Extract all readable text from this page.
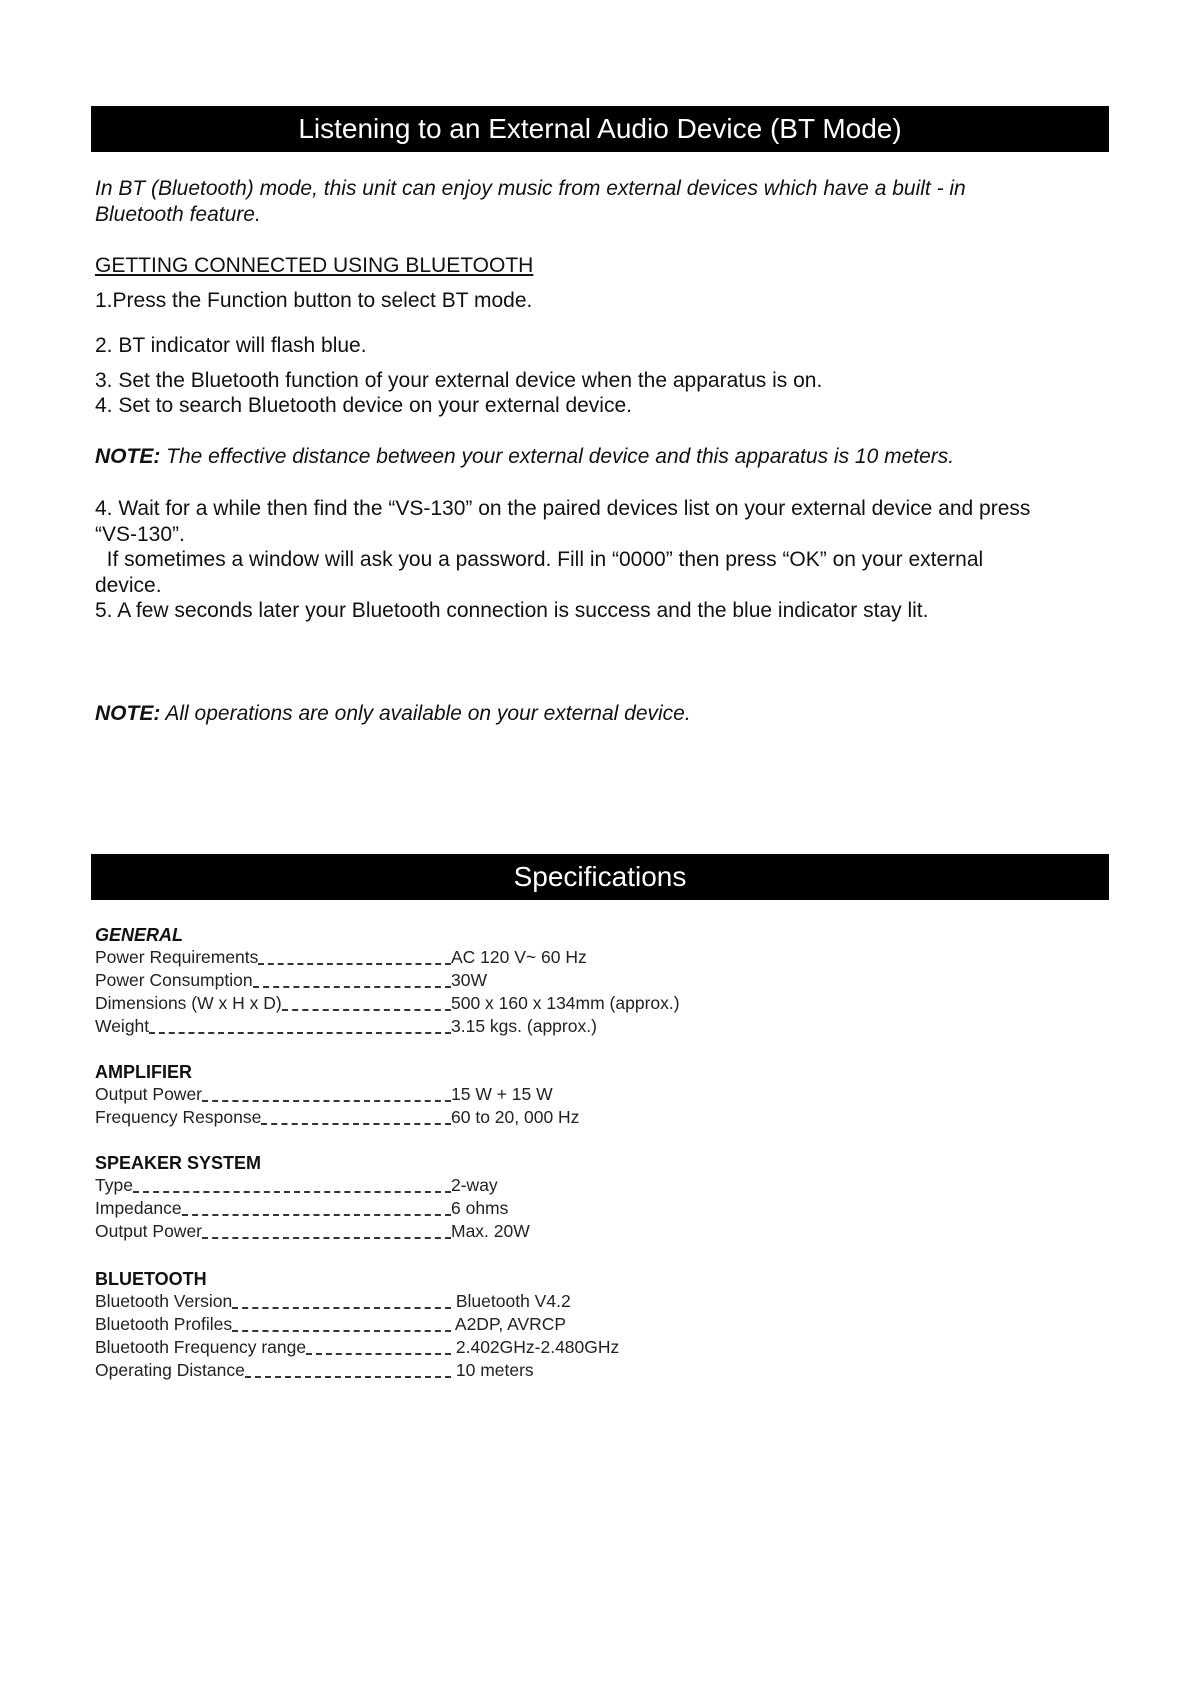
Listening to an External Audio Device (BT Mode)
In BT (Bluetooth) mode, this unit can enjoy music from external devices which have a built - in
Bluetooth feature.
GETTING CONNECTED USING BLUETOOTH
1.Press the Function button to select BT mode.
2. BT indicator will flash blue.
3. Set the Bluetooth function of your external device when the apparatus is on.
4. Set to search Bluetooth device on your external device.
NOTE: The effective distance between your external device and this apparatus is 10 meters.
4. Wait for a while then find the “VS-130” on the paired devices list on your external device and press
“VS-130”.
If sometimes a window will ask you a password. Fill in “0000” then press “OK” on your external
device.
5. A few seconds later your Bluetooth connection is success and the blue indicator stay lit.
NOTE: All operations are only available on your external device.
Specifications
GENERAL
Power Requirements	AC 120 V~ 60 Hz
Power Consumption	30W
Dimensions (W x H x D)	500 x 160 x 134mm (approx.)
Weight	3.15 kgs. (approx.)
AMPLIFIER
Output Power	15 W + 15 W
Frequency Response	60 to 20, 000 Hz
SPEAKER SYSTEM
Type	2-way
Impedance	6 ohms
Output Power	Max. 20W
BLUETOOTH
Bluetooth Version	Bluetooth V4.2
Bluetooth Profiles	A2DP, AVRCP
Bluetooth Frequency range	2.402GHz-2.480GHz
Operating Distance	10 meters
